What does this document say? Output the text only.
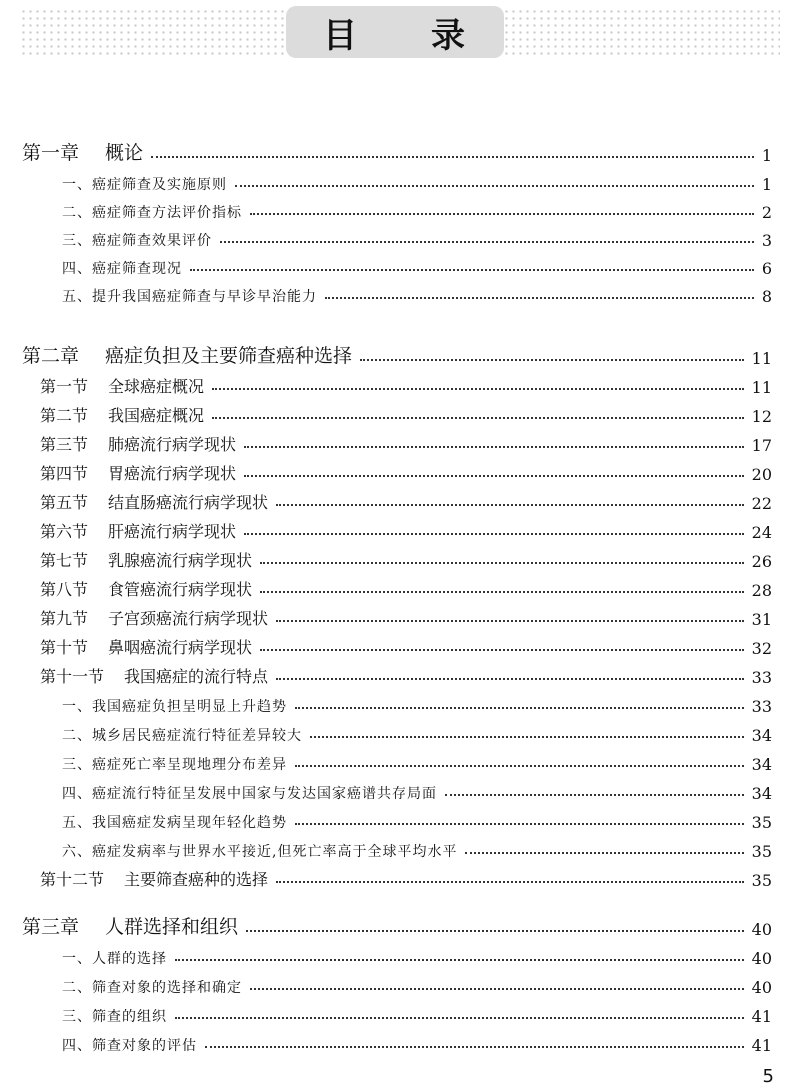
目 录
第一章 概论	1
一、癌症筛查及实施原则	1
二、癌症筛查方法评价指标	2
三、癌症筛查效果评价	3
四、癌症筛查现况	6
五、提升我国癌症筛查与早诊早治能力	8
第二章 癌症负担及主要筛查癌种选择	11
第一节 全球癌症概况	11
第二节 我国癌症概况	12
第三节 肺癌流行病学现状	17
第四节 胃癌流行病学现状	20
第五节 结直肠癌流行病学现状	22
第六节 肝癌流行病学现状	24
第七节 乳腺癌流行病学现状	26
第八节 食管癌流行病学现状	28
第九节 子宫颈癌流行病学现状	31
第十节 鼻咽癌流行病学现状	32
第十一节 我国癌症的流行特点	33
一、我国癌症负担呈明显上升趋势	33
二、城乡居民癌症流行特征差异较大	34
三、癌症死亡率呈现地理分布差异	34
四、癌症流行特征呈发展中国家与发达国家癌谱共存局面	34
五、我国癌症发病呈现年轻化趋势	35
六、癌症发病率与世界水平接近,但死亡率高于全球平均水平	35
第十二节 主要筛查癌种的选择	35
第三章 人群选择和组织	40
一、人群的选择	40
二、筛查对象的选择和确定	40
三、筛查的组织	41
四、筛查对象的评估	41
5
